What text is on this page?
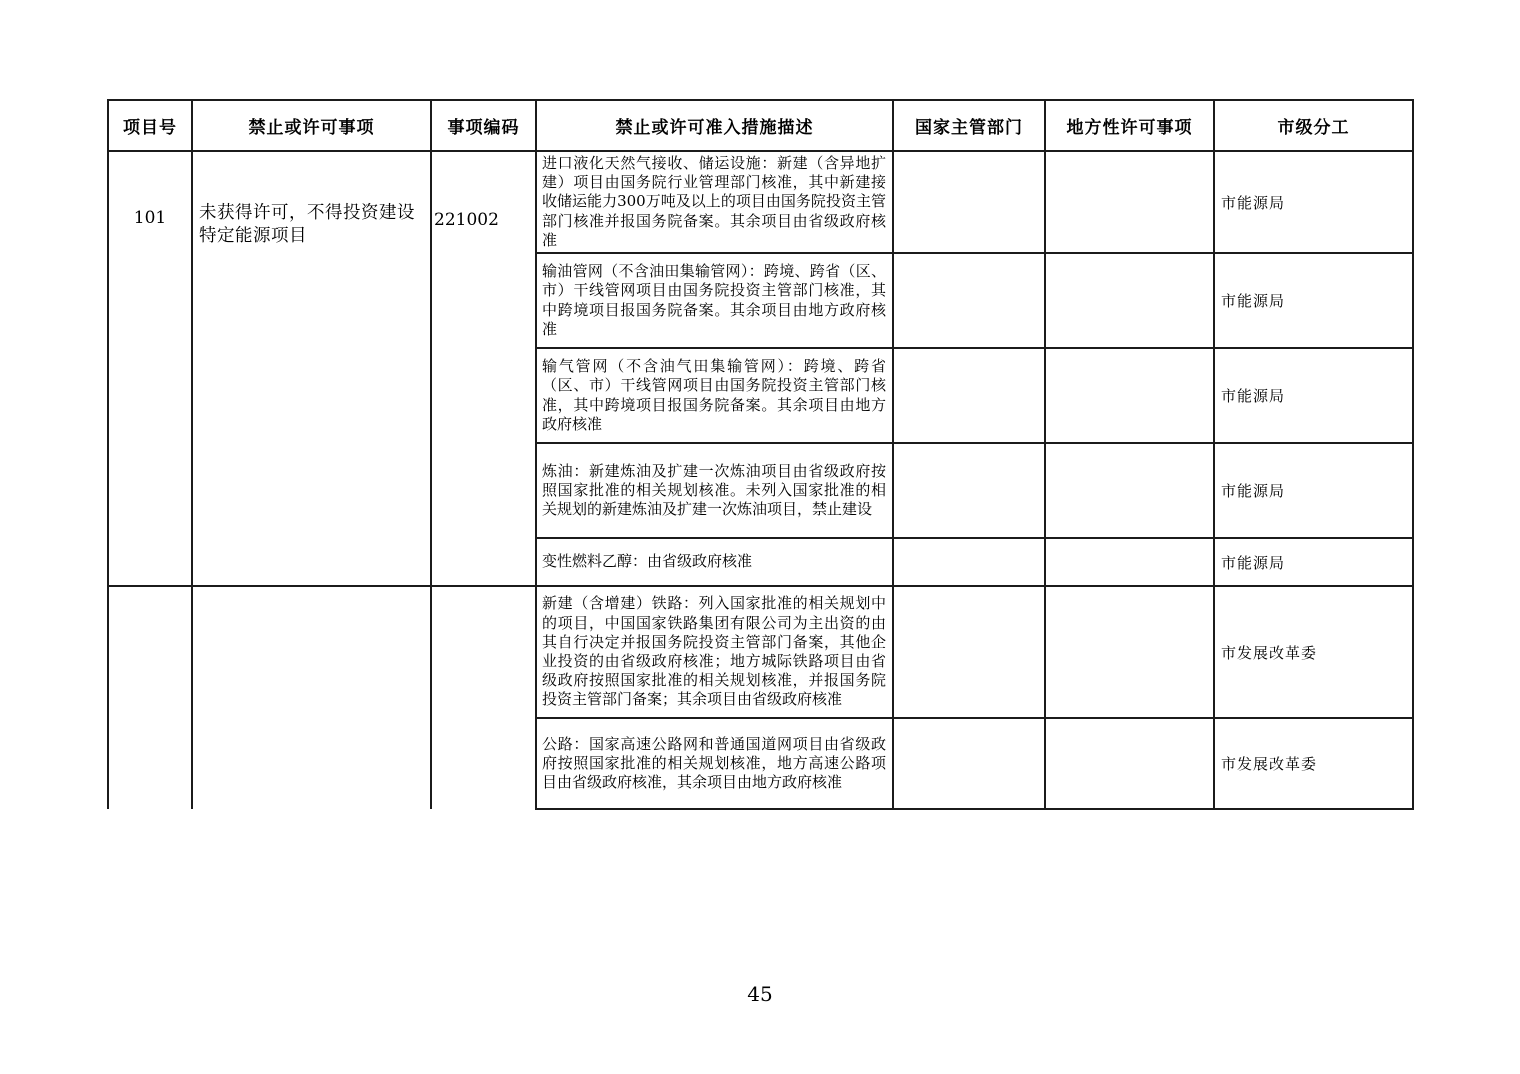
项目号	禁止或许可事项	事项编码	禁止或许可准入措施描述	国家主管部门	地方性许可事项	市级分工
101	未获得许可，不得投资建设特定能源项目	221002	进口液化天然气接收、储运设施：新建（含异地扩建）项目由国务院行业管理部门核准，其中新建接收储运能力300万吨及以上的项目由国务院投资主管部门核准并报国务院备案。其余项目由省级政府核准			市能源局
			输油管网（不含油田集输管网）：跨境、跨省（区、市）干线管网项目由国务院投资主管部门核准，其中跨境项目报国务院备案。其余项目由地方政府核准			市能源局
			输气管网（不含油气田集输管网）：跨境、跨省（区、市）干线管网项目由国务院投资主管部门核准，其中跨境项目报国务院备案。其余项目由地方政府核准			市能源局
			炼油：新建炼油及扩建一次炼油项目由省级政府按照国家批准的相关规划核准。未列入国家批准的相关规划的新建炼油及扩建一次炼油项目，禁止建设			市能源局
			变性燃料乙醇：由省级政府核准			市能源局
			新建（含增建）铁路：列入国家批准的相关规划中的项目，中国国家铁路集团有限公司为主出资的由其自行决定并报国务院投资主管部门备案，其他企业投资的由省级政府核准；地方城际铁路项目由省级政府按照国家批准的相关规划核准，并报国务院投资主管部门备案；其余项目由省级政府核准			市发展改革委
			公路：国家高速公路网和普通国道网项目由省级政府按照国家批准的相关规划核准，地方高速公路项目由省级政府核准，其余项目由地方政府核准			市发展改革委
45
